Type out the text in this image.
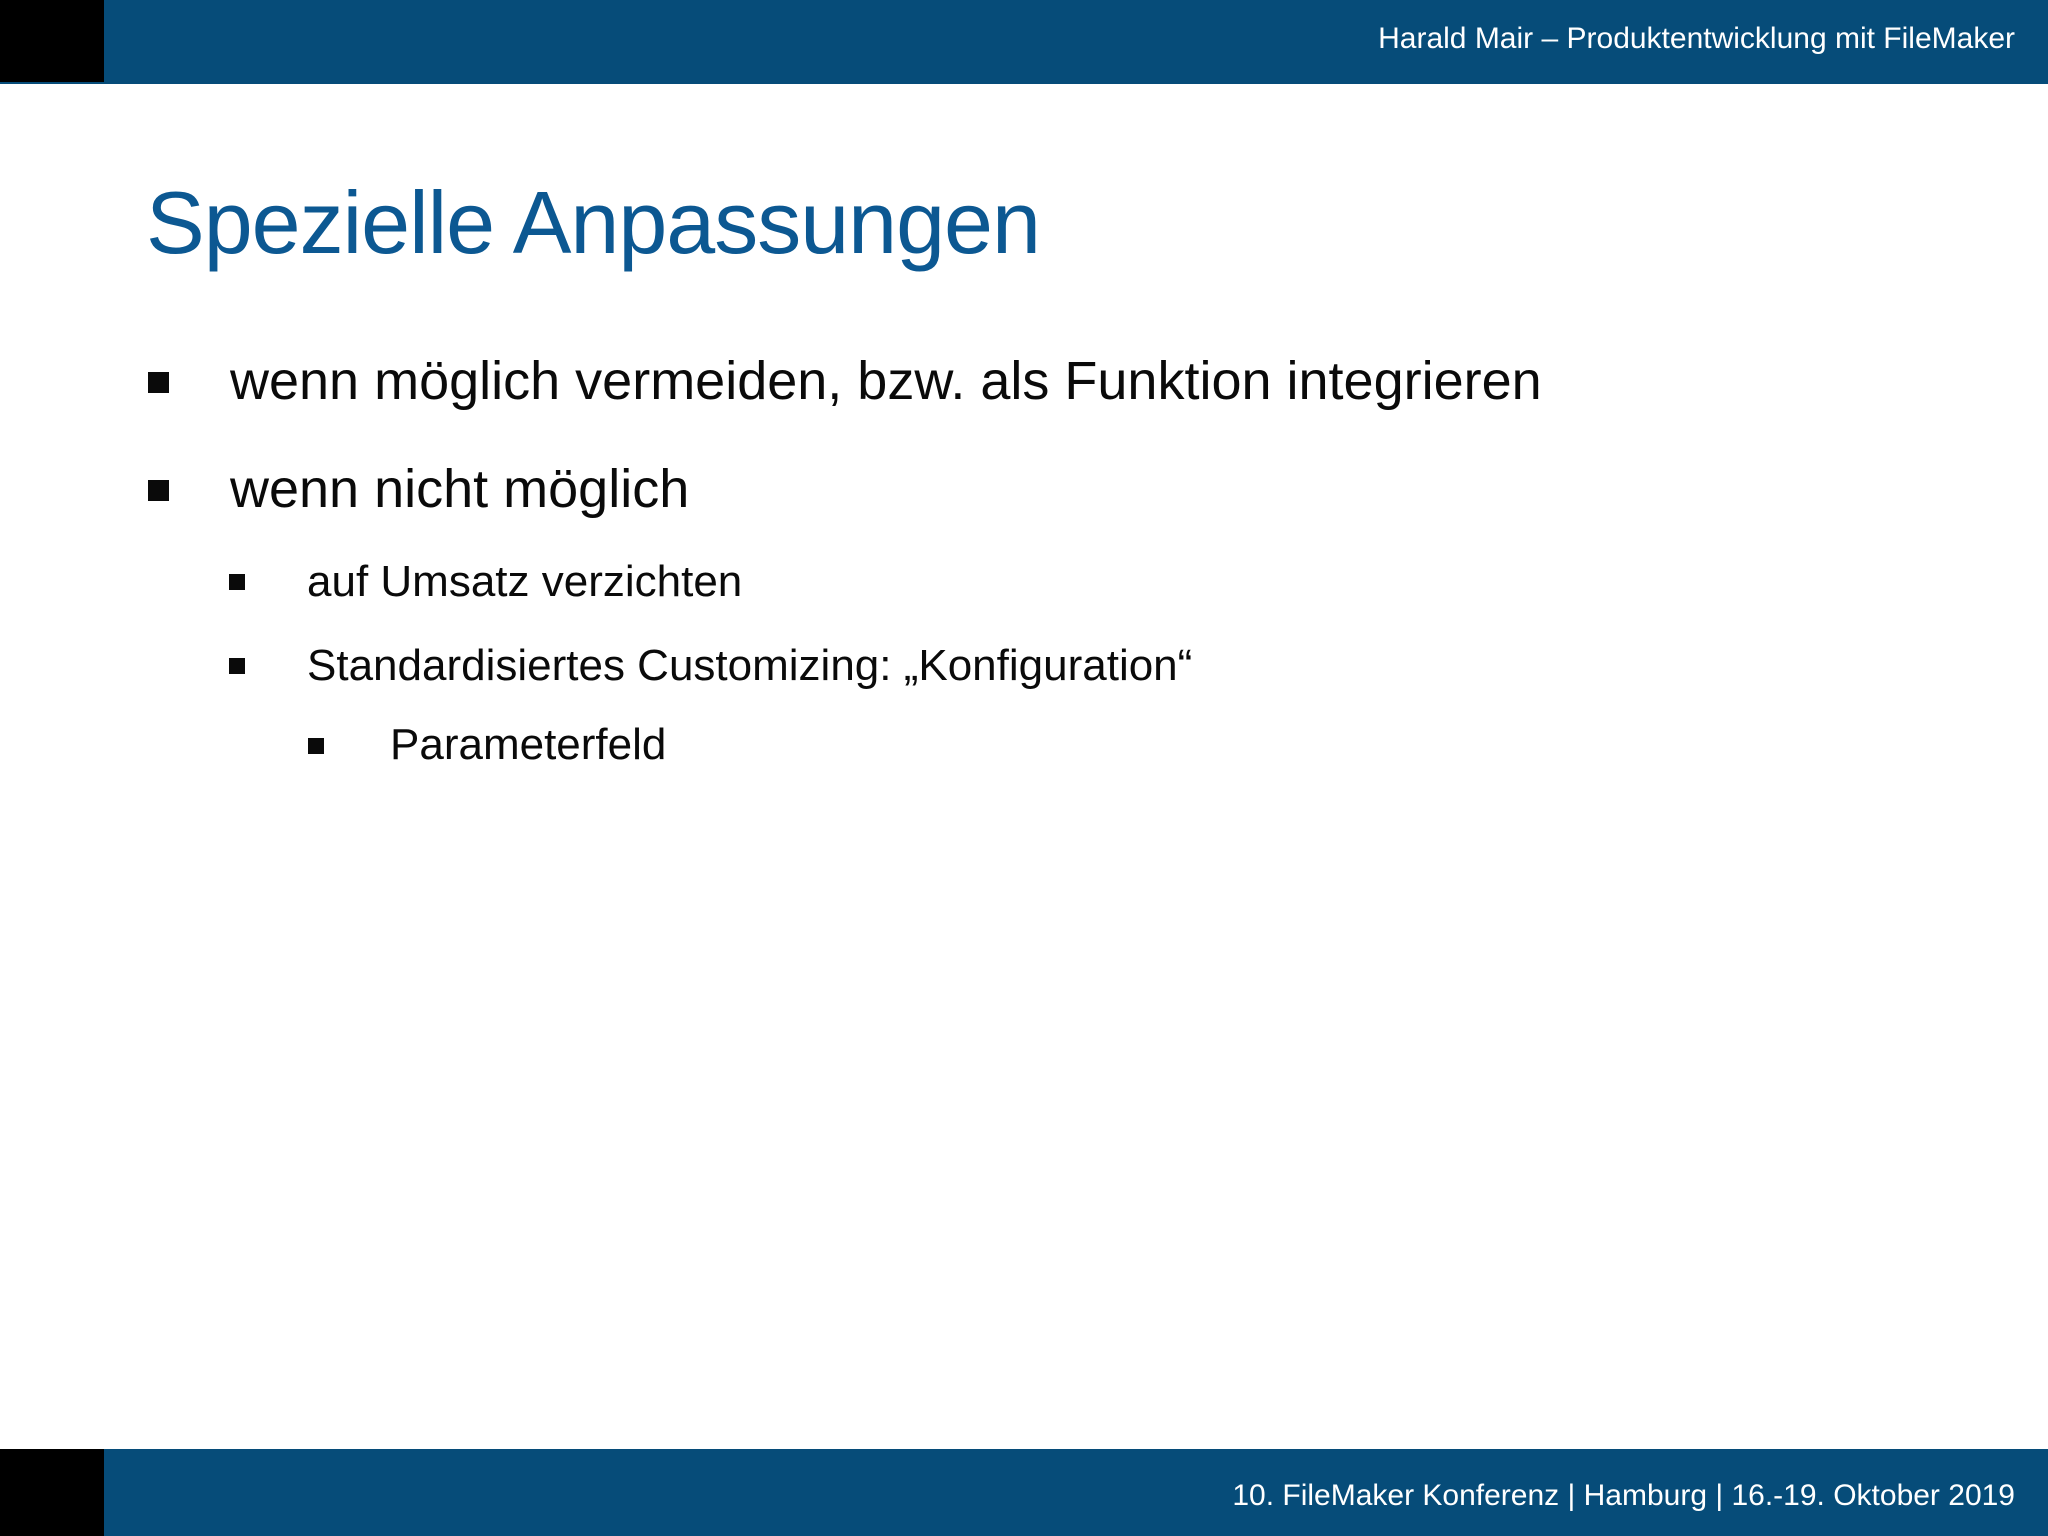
Harald Mair – Produktentwicklung mit FileMaker
Spezielle Anpassungen
wenn möglich vermeiden, bzw. als Funktion integrieren
wenn nicht möglich
auf Umsatz verzichten
Standardisiertes Customizing: „Konfiguration“
Parameterfeld
10. FileMaker Konferenz | Hamburg | 16.-19. Oktober 2019
